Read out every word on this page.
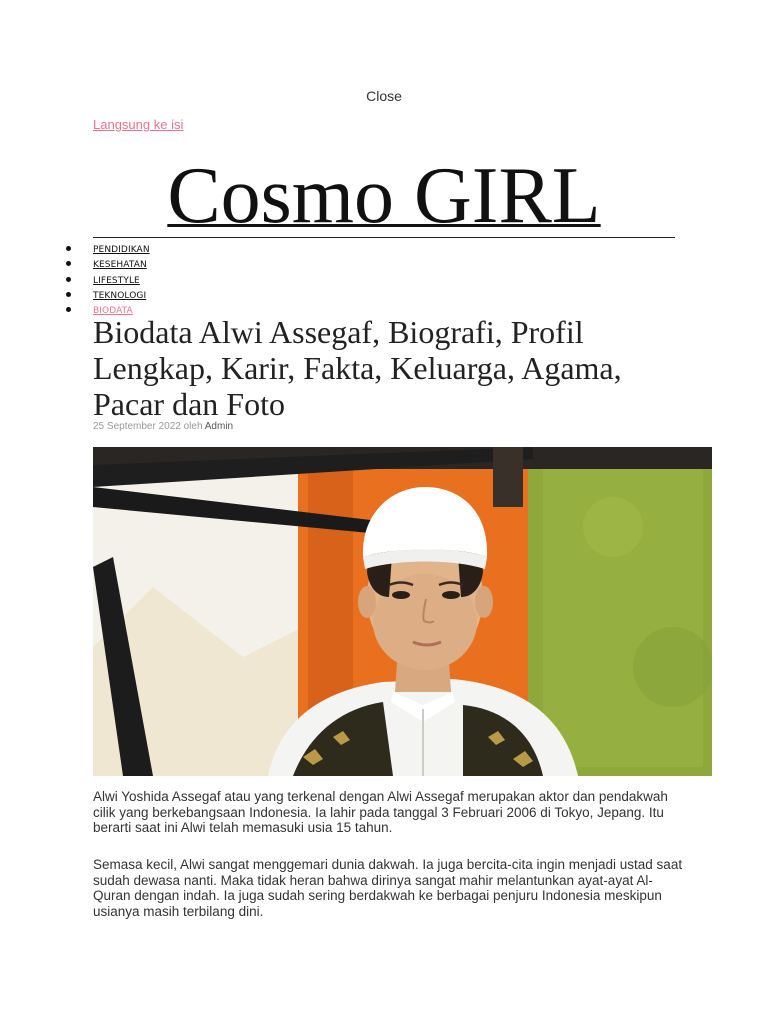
Close
Langsung ke isi
Cosmo GIRL
PENDIDIKAN
KESEHATAN
LIFESTYLE
TEKNOLOGI
BIODATA
Biodata Alwi Assegaf, Biografi, Profil Lengkap, Karir, Fakta, Keluarga, Agama, Pacar dan Foto
25 September 2022 oleh Admin

Alwi Yoshida Assegaf atau yang terkenal dengan Alwi Assegaf merupakan aktor dan pendakwah cilik yang berkebangsaan Indonesia. Ia lahir pada tanggal 3 Februari 2006 di Tokyo, Jepang. Itu berarti saat ini Alwi telah memasuki usia 15 tahun.

Semasa kecil, Alwi sangat menggemari dunia dakwah. Ia juga bercita-cita ingin menjadi ustad saat sudah dewasa nanti. Maka tidak heran bahwa dirinya sangat mahir melantunkan ayat-ayat Al-Quran dengan indah. Ia juga sudah sering berdakwah ke berbagai penjuru Indonesia meskipun usianya masih terbilang dini.
